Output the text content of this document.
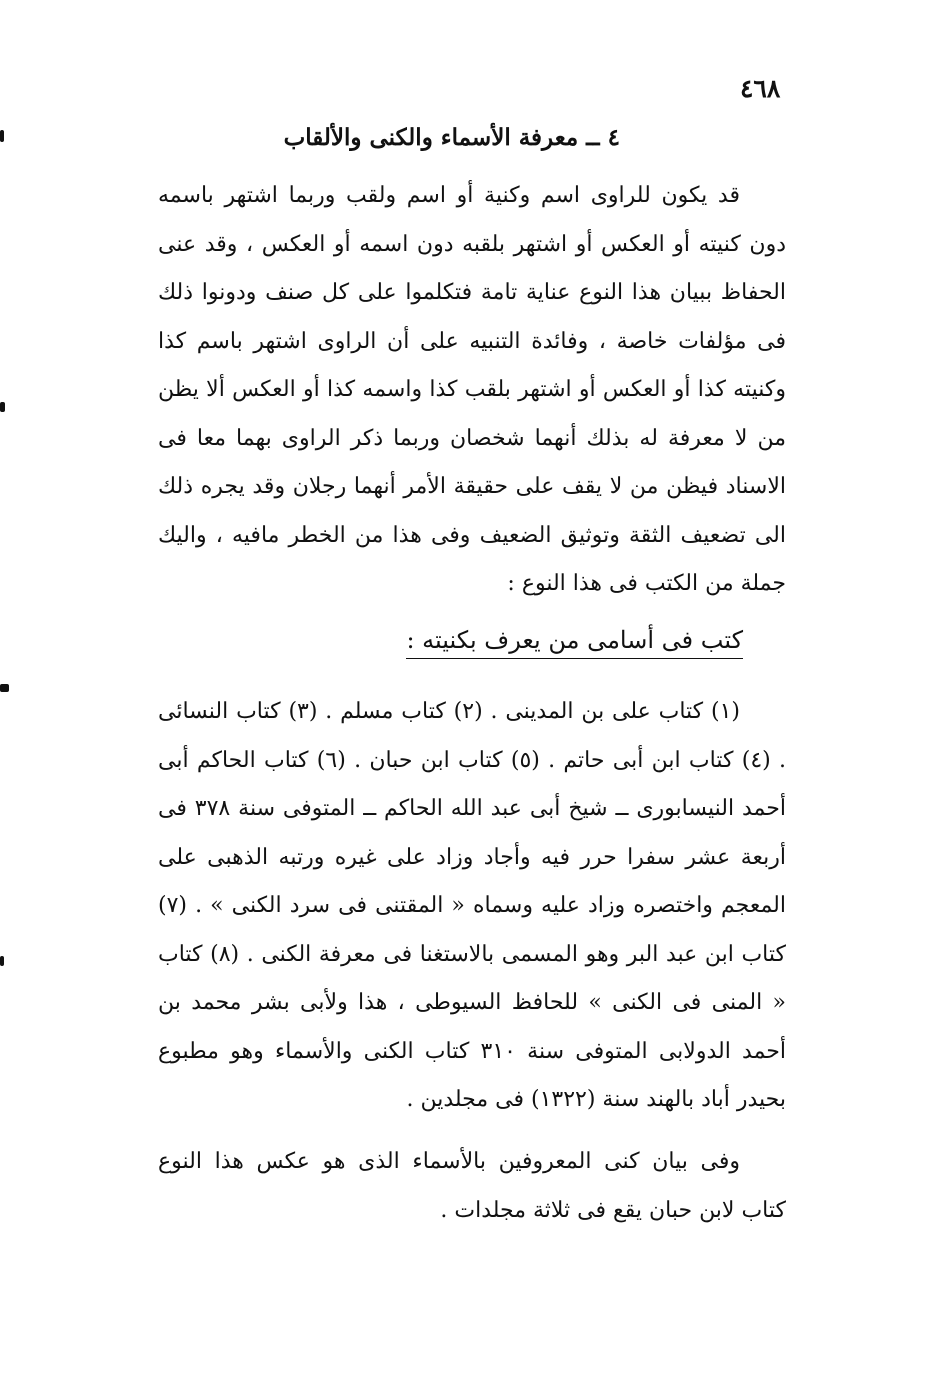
٤٦٨
٤ ــ معرفة الأسماء والكنى والألقاب

قد يكون للراوى اسم وكنية أو اسم ولقب وربما اشتهر باسمه دون كنيته أو العكس أو اشتهر بلقبه دون اسمه أو العكس ، وقد عنى الحفاظ ببيان هذا النوع عناية تامة فتكلموا على كل صنف ودونوا ذلك فى مؤلفات خاصة ، وفائدة التنبيه على أن الراوى اشتهر باسم كذا وكنيته كذا أو العكس أو اشتهر بلقب كذا واسمه كذا أو العكس ألا يظن من لا معرفة له بذلك أنهما شخصان وربما ذكر الراوى بهما معا فى الاسناد فيظن من لا يقف على حقيقة الأمر أنهما رجلان وقد يجره ذلك الى تضعيف الثقة وتوثيق الضعيف وفى هذا من الخطر مافيه ، واليك جملة من الكتب فى هذا النوع :

كتب فى أسامى من يعرف بكنيته :

(١) كتاب على بن المدينى . (٢) كتاب مسلم . (٣) كتاب النسائى . (٤) كتاب ابن أبى حاتم . (٥) كتاب ابن حبان . (٦) كتاب الحاكم أبى أحمد النيسابورى ــ شيخ أبى عبد الله الحاكم ــ المتوفى سنة ٣٧٨ فى أربعة عشر سفرا حرر فيه وأجاد وزاد على غيره ورتبه الذهبى على المعجم واختصره وزاد عليه وسماه « المقتنى فى سرد الكنى » . (٧) كتاب ابن عبد البر وهو المسمى بالاستغنا فى معرفة الكنى . (٨) كتاب « المنى فى الكنى » للحافظ السيوطى ، هذا ولأبى بشر محمد بن أحمد الدولابى المتوفى سنة ٣١٠ كتاب الكنى والأسماء وهو مطبوع بحيدر أباد بالهند سنة (١٣٢٢) فى مجلدين .

وفى بيان كنى المعروفين بالأسماء الذى هو عكس هذا النوع كتاب لابن حبان يقع فى ثلاثة مجلدات .
